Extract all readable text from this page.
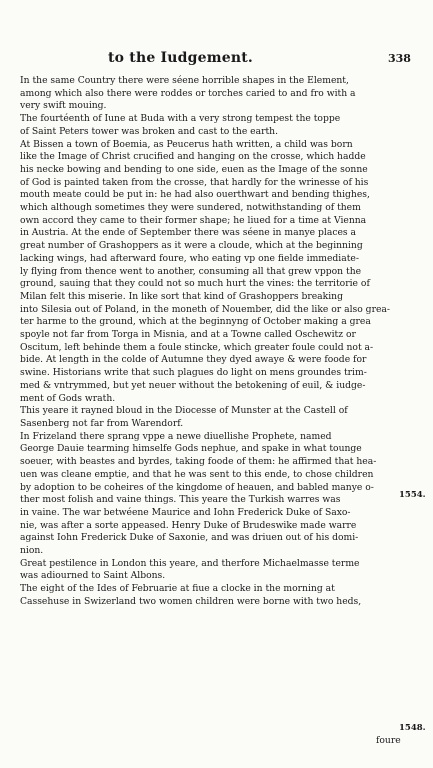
to the Iudgement.	338
In the same Country there were séene horrible shapes in the Element,
among which also there were roddes or torches caried to and fro with a
very swift mouing.
The fourtéenth of Iune at Buda with a very strong tempest the toppe
of Saint Peters tower was broken and cast to the earth.
At Bissen a town of Boemia, as Peucerus hath written, a child was born
like the Image of Christ crucified and hanging on the crosse, which hadde
his necke bowing and bending to one side, euen as the Image of the sonne
of God is painted taken from the crosse, that hardly for the wrinesse of his
mouth meate could be put in: he had also ouerthwart and bending thighes,
which although sometimes they were sundered, notwithstanding of them
own accord they came to their former shape; he liued for a time at Vienna
in Austria. At the ende of September there was séene in manye places a
great number of Grashoppers as it were a cloude, which at the beginning
lacking wings, had afterward foure, who eating vp one fielde immediate-
ly flying from thence went to another, consuming all that grew vppon the
ground, sauing that they could not so much hurt the vines: the territorie of
Milan felt this miserie. In like sort that kind of Grashoppers breaking
into Silesia out of Poland, in the moneth of Nouember, did the like or also grea-
ter harme to the ground, which at the beginnyng of October making a grea
spoyle not far from Torga in Misnia, and at a Towne called Oschewitz or
Oscitum, left behinde them a foule stincke, which greater foule could not a-
bide. At length in the colde of Autumne they dyed awaye & were foode for
swine. Historians write that such plagues do light on mens groundes trim-
med & vntrymmed, but yet neuer without the betokening of euil, & iudge-
ment of Gods wrath.
This yeare it rayned bloud in the Diocesse of Munster at the Castell of
Sasenberg not far from Warendorf.
In Frizeland there sprang vppe a newe diuellishe Prophete, named
George Dauie tearming himselfe Gods nephue, and spake in what tounge
soeuer, with beastes and byrdes, taking foode of them: he affirmed that hea-
uen was cleane emptie, and that he was sent to this ende, to chose children
by adoption to be coheires of the kingdome of heauen, and babled manye o-
ther most folish and vaine things. This yeare the Turkish warres was
in vaine. The war betwéene Maurice and Iohn Frederick Duke of Saxo-
nie, was after a sorte appeased. Henry Duke of Brudeswike made warre
against Iohn Frederick Duke of Saxonie, and was driuen out of his domi-
nion.
Great pestilence in London this yeare, and therfore Michaelmasse terme
was adiourned to Saint Albons.
The eight of the Ides of Februarie at fiue a clocke in the morning at
Cassehuse in Swizerland two women children were borne with two heds,
1554.
1548.
foure
